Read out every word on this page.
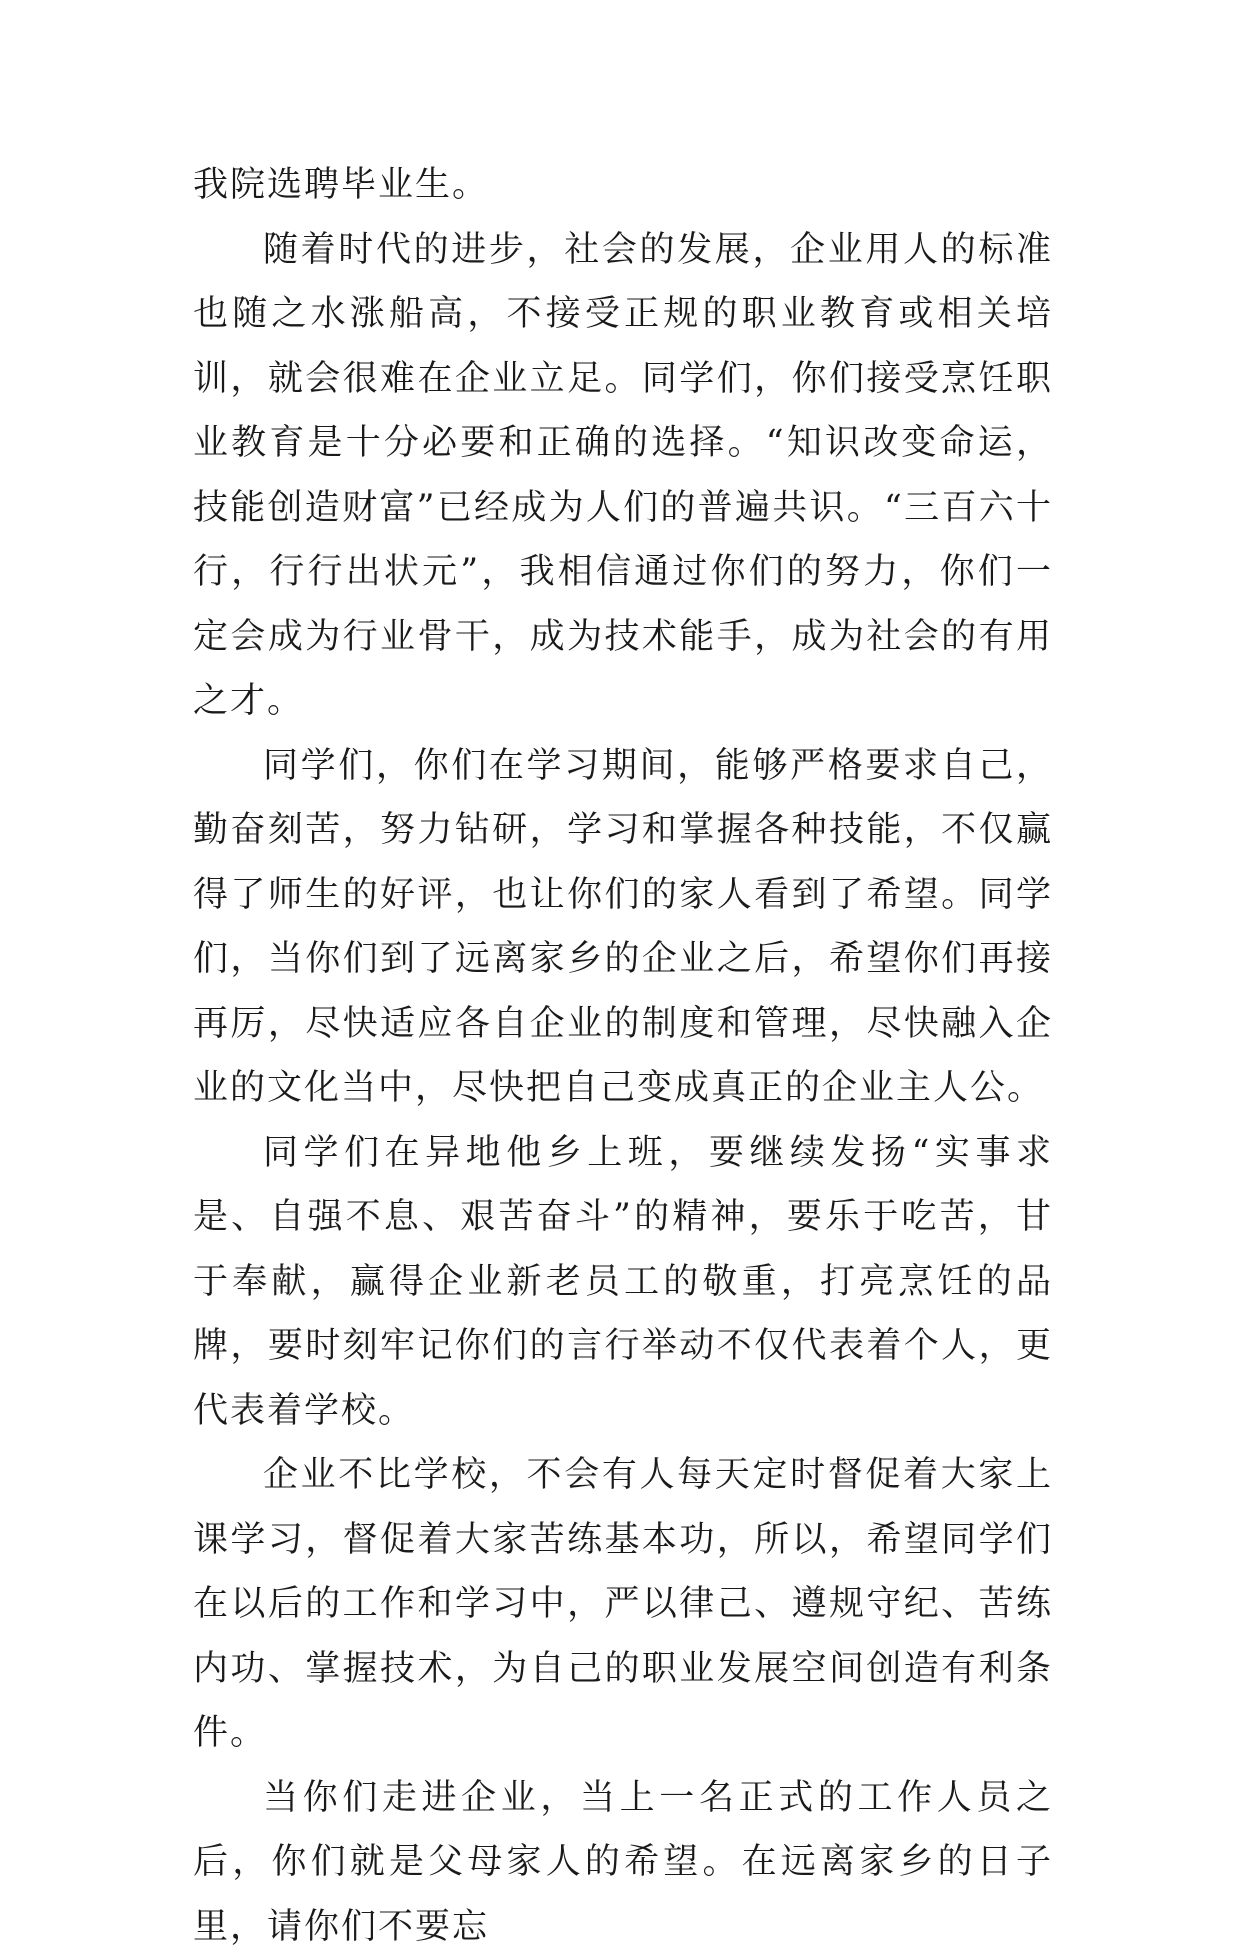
我院选聘毕业生。

随着时代的进步，社会的发展，企业用人的标准也随之水涨船高，不接受正规的职业教育或相关培训，就会很难在企业立足。同学们，你们接受烹饪职业教育是十分必要和正确的选择。“知识改变命运，技能创造财富”已经成为人们的普遍共识。“三百六十行，行行出状元”，我相信通过你们的努力，你们一定会成为行业骨干，成为技术能手，成为社会的有用之才。

同学们，你们在学习期间，能够严格要求自己，勤奋刻苦，努力钻研，学习和掌握各种技能，不仅赢得了师生的好评，也让你们的家人看到了希望。同学们，当你们到了远离家乡的企业之后，希望你们再接再厉，尽快适应各自企业的制度和管理，尽快融入企业的文化当中，尽快把自己变成真正的企业主人公。

同学们在异地他乡上班，要继续发扬“实事求是、自强不息、艰苦奋斗”的精神，要乐于吃苦，甘于奉献，赢得企业新老员工的敬重，打亮烹饪的品牌，要时刻牢记你们的言行举动不仅代表着个人，更代表着学校。

企业不比学校，不会有人每天定时督促着大家上课学习，督促着大家苦练基本功，所以，希望同学们在以后的工作和学习中，严以律己、遵规守纪、苦练内功、掌握技术，为自己的职业发展空间创造有利条件。

当你们走进企业，当上一名正式的工作人员之后，你们就是父母家人的希望。在远离家乡的日子里，请你们不要忘
